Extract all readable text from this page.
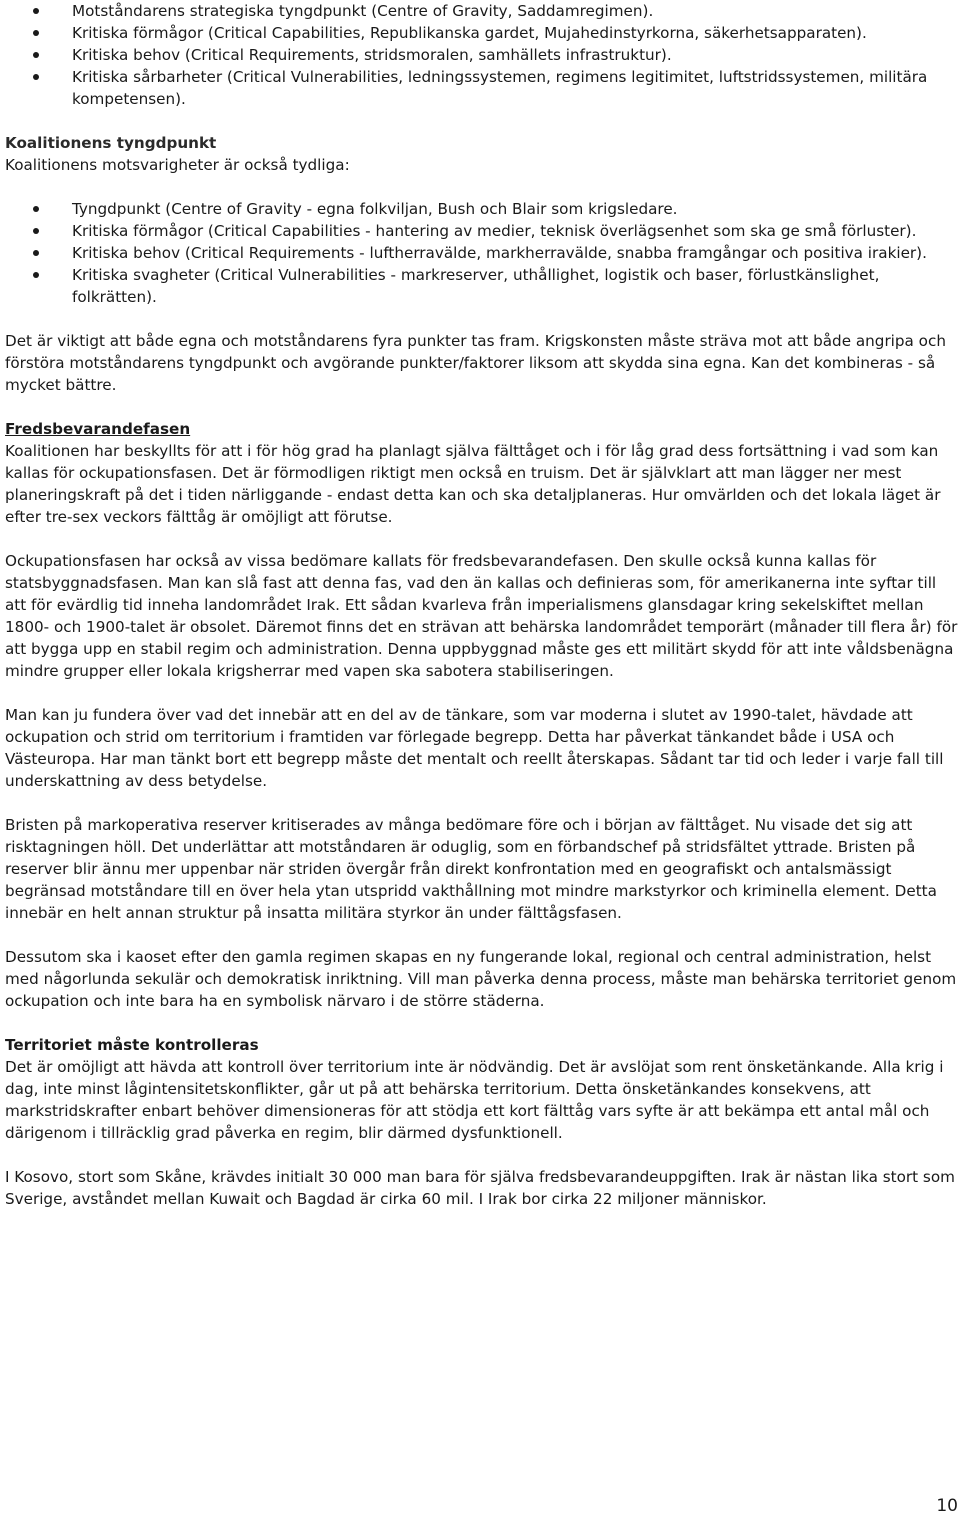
Motståndarens strategiska tyngdpunkt (Centre of Gravity, Saddamregimen).
Kritiska förmågor (Critical Capabilities, Republikanska gardet, Mujahedinstyrkorna, säkerhetsapparaten).
Kritiska behov (Critical Requirements, stridsmoralen, samhällets infrastruktur).
Kritiska sårbarheter (Critical Vulnerabilities, ledningssystemen, regimens legitimitet, luftstridssystemen, militära kompetensen).

Koalitionens tyngdpunkt

Koalitionens motsvarigheter är också tydliga:

Tyngdpunkt (Centre of Gravity - egna folkviljan, Bush och Blair som krigsledare.
Kritiska förmågor (Critical Capabilities - hantering av medier, teknisk överlägsenhet som ska ge små förluster).
Kritiska behov (Critical Requirements - luftherravälde, markherravälde, snabba framgångar och positiva irakier).
Kritiska svagheter (Critical Vulnerabilities - markreserver, uthållighet, logistik och baser, förlustkänslighet, folkrätten).

Det är viktigt att både egna och motståndarens fyra punkter tas fram. Krigskonsten måste sträva mot att både angripa och förstöra motståndarens tyngdpunkt och avgörande punkter/faktorer liksom att skydda sina egna. Kan det kombineras - så mycket bättre.

Fredsbevarandefasen

Koalitionen har beskyllts för att i för hög grad ha planlagt själva fälttåget och i för låg grad dess fortsättning i vad som kan kallas för ockupationsfasen. Det är förmodligen riktigt men också en truism. Det är självklart att man lägger ner mest planeringskraft på det i tiden närliggande - endast detta kan och ska detaljplaneras. Hur omvärlden och det lokala läget är efter tre-sex veckors fälttåg är omöjligt att förutse.

Ockupationsfasen har också av vissa bedömare kallats för fredsbevarandefasen. Den skulle också kunna kallas för statsbyggnadsfasen. Man kan slå fast att denna fas, vad den än kallas och definieras som, för amerikanerna inte syftar till att för evärdlig tid inneha landområdet Irak. Ett sådan kvarleva från imperialismens glansdagar kring sekelskiftet mellan 1800- och 1900-talet är obsolet. Däremot finns det en strävan att behärska landområdet temporärt (månader till flera år) för att bygga upp en stabil regim och administration. Denna uppbyggnad måste ges ett militärt skydd för att inte våldsbenägna mindre grupper eller lokala krigsherrar med vapen ska sabotera stabiliseringen.

Man kan ju fundera över vad det innebär att en del av de tänkare, som var moderna i slutet av 1990-talet, hävdade att ockupation och strid om territorium i framtiden var förlegade begrepp. Detta har påverkat tänkandet både i USA och Västeuropa. Har man tänkt bort ett begrepp måste det mentalt och reellt återskapas. Sådant tar tid och leder i varje fall till underskattning av dess betydelse.

Bristen på markoperativa reserver kritiserades av många bedömare före och i början av fälttåget. Nu visade det sig att risktagningen höll. Det underlättar att motståndaren är oduglig, som en förbandschef på stridsfältet yttrade. Bristen på reserver blir ännu mer uppenbar när striden övergår från direkt konfrontation med en geografiskt och antalsmässigt begränsad motståndare till en över hela ytan utspridd vakthållning mot mindre markstyrkor och kriminella element. Detta innebär en helt annan struktur på insatta militära styrkor än under fälttågsfasen.

Dessutom ska i kaoset efter den gamla regimen skapas en ny fungerande lokal, regional och central administration, helst med någorlunda sekulär och demokratisk inriktning. Vill man påverka denna process, måste man behärska territoriet genom ockupation och inte bara ha en symbolisk närvaro i de större städerna.

Territoriet måste kontrolleras

Det är omöjligt att hävda att kontroll över territorium inte är nödvändig. Det är avslöjat som rent önsketänkande. Alla krig i dag, inte minst lågintensitetskonflikter, går ut på att behärska territorium. Detta önsketänkandes konsekvens, att markstridskrafter enbart behöver dimensioneras för att stödja ett kort fälttåg vars syfte är att bekämpa ett antal mål och därigenom i tillräcklig grad påverka en regim, blir därmed dysfunktionell.

I Kosovo, stort som Skåne, krävdes initialt 30 000 man bara för själva fredsbevarandeuppgiften. Irak är nästan lika stort som Sverige, avståndet mellan Kuwait och Bagdad är cirka 60 mil. I Irak bor cirka 22 miljoner människor.

10
